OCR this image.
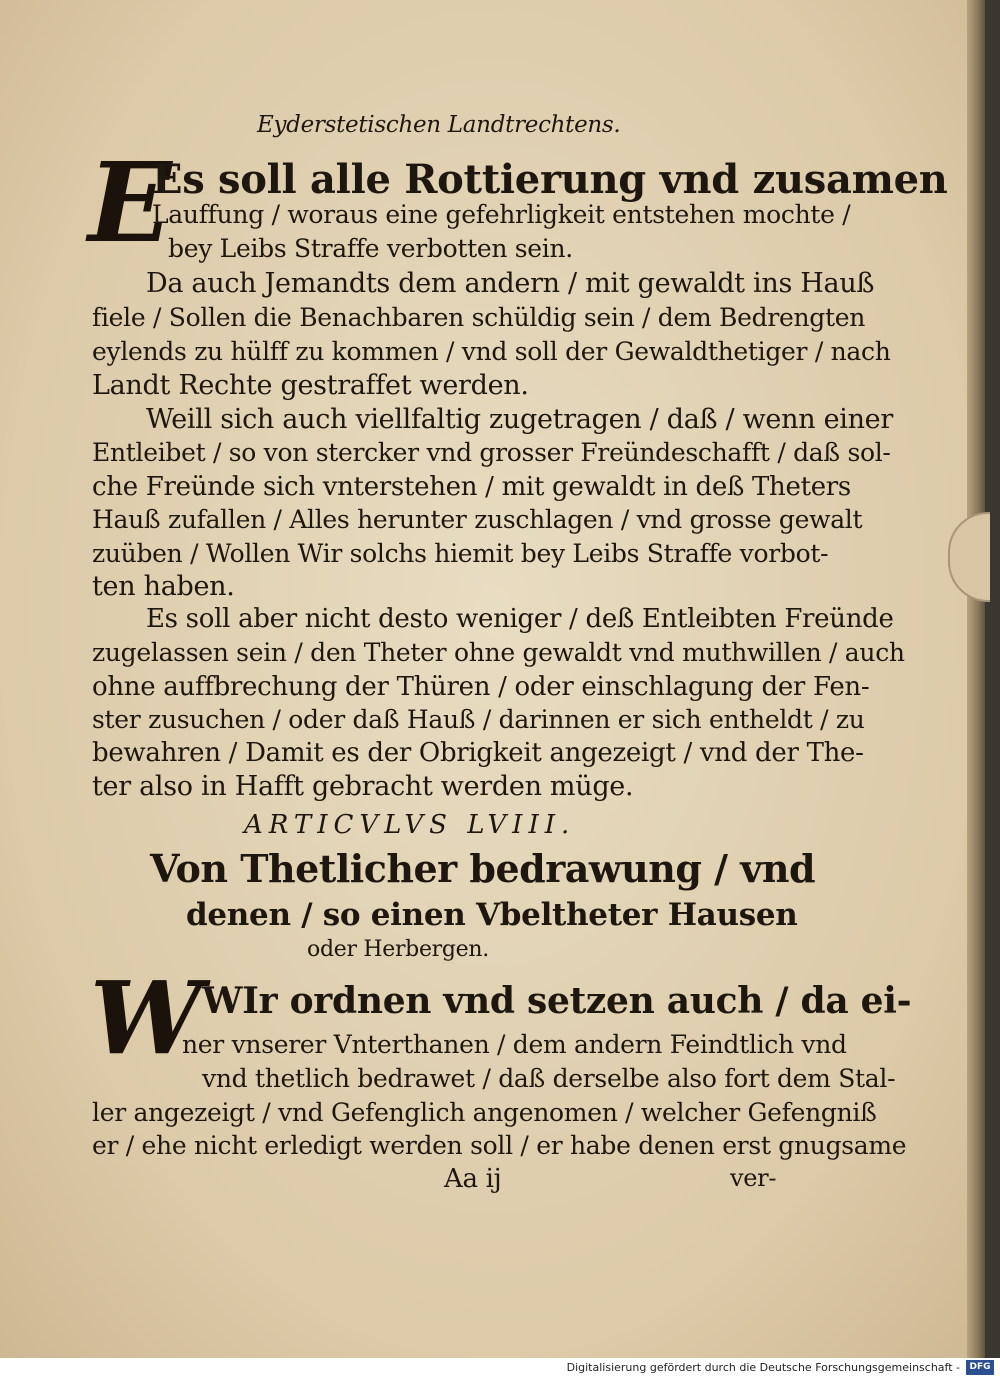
Eyderstetischen Landtrechtens.
E
Es soll alle Rottierung vnd zusamen
Lauffung / woraus eine gefehrligkeit entstehen mochte /
bey Leibs Straffe verbotten sein.
Da auch Jemandts dem andern / mit gewaldt ins Hauß
fiele / Sollen die Benachbaren schüldig sein / dem Bedrengten
eylends zu hülff zu kommen / vnd soll der Gewaldthetiger / nach
Landt Rechte gestraffet werden.
Weill sich auch viellfaltig zugetragen / daß / wenn einer
Entleibet / so von stercker vnd grosser Freündeschafft / daß sol-
che Freünde sich vnterstehen / mit gewaldt in deß Theters
Hauß zufallen / Alles herunter zuschlagen / vnd grosse gewalt
zuüben / Wollen Wir solchs hiemit bey Leibs Straffe vorbot-
ten haben.
Es soll aber nicht desto weniger / deß Entleibten Freünde
zugelassen sein / den Theter ohne gewaldt vnd muthwillen / auch
ohne auffbrechung der Thüren / oder einschlagung der Fen-
ster zusuchen / oder daß Hauß / darinnen er sich entheldt / zu
bewahren / Damit es der Obrigkeit angezeigt / vnd der The-
ter also in Hafft gebracht werden müge.
ARTICVLVS LVIII.
Von Thetlicher bedrawung / vnd
denen / so einen Vbeltheter Hausen
oder Herbergen.
W WIr ordnen vnd setzen auch / da ei-
ner vnserer Vnterthanen / dem andern Feindtlich vnd
vnd thetlich bedrawet / daß derselbe also fort dem Stal-
ler angezeigt / vnd Gefenglich angenomen / welcher Gefengniß
er / ehe nicht erledigt werden soll / er habe denen erst gnugsame
Aa ij	ver-
Digitalisierung gefördert durch die Deutsche Forschungsgemeinschaft -	DFG
